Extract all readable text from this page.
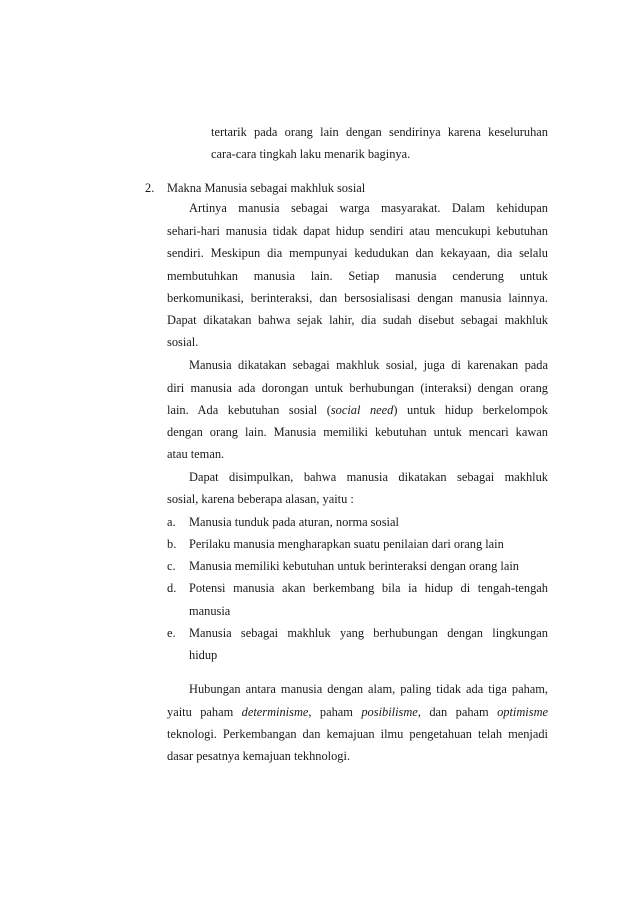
tertarik pada orang lain dengan sendirinya karena keseluruhan
cara-cara tingkah laku menarik baginya.
2. Makna Manusia sebagai makhluk sosial
Artinya manusia sebagai warga masyarakat. Dalam kehidupan
sehari-hari manusia tidak dapat hidup sendiri atau mencukupi kebutuhan
sendiri. Meskipun dia mempunyai kedudukan dan kekayaan, dia selalu
membutuhkan manusia lain. Setiap manusia cenderung untuk
berkomunikasi, berinteraksi, dan bersosialisasi dengan manusia lainnya.
Dapat dikatakan bahwa sejak lahir, dia sudah disebut sebagai makhluk
sosial.
Manusia dikatakan sebagai makhluk sosial, juga di karenakan pada
diri manusia ada dorongan untuk berhubungan (interaksi) dengan orang
lain. Ada kebutuhan sosial (social need) untuk hidup berkelompok
dengan orang lain. Manusia memiliki kebutuhan untuk mencari kawan
atau teman.
Dapat disimpulkan, bahwa manusia dikatakan sebagai makhluk
sosial, karena beberapa alasan, yaitu :
a. Manusia tunduk pada aturan, norma sosial
b. Perilaku manusia mengharapkan suatu penilaian dari orang lain
c. Manusia memiliki kebutuhan untuk berinteraksi dengan orang lain
d. Potensi manusia akan berkembang bila ia hidup di tengah-tengah
manusia
e. Manusia sebagai makhluk yang berhubungan dengan lingkungan
hidup
Hubungan antara manusia dengan alam, paling tidak ada tiga paham,
yaitu paham determinisme, paham posibilisme, dan paham optimisme
teknologi. Perkembangan dan kemajuan ilmu pengetahuan telah menjadi
dasar pesatnya kemajuan tekhnologi.
